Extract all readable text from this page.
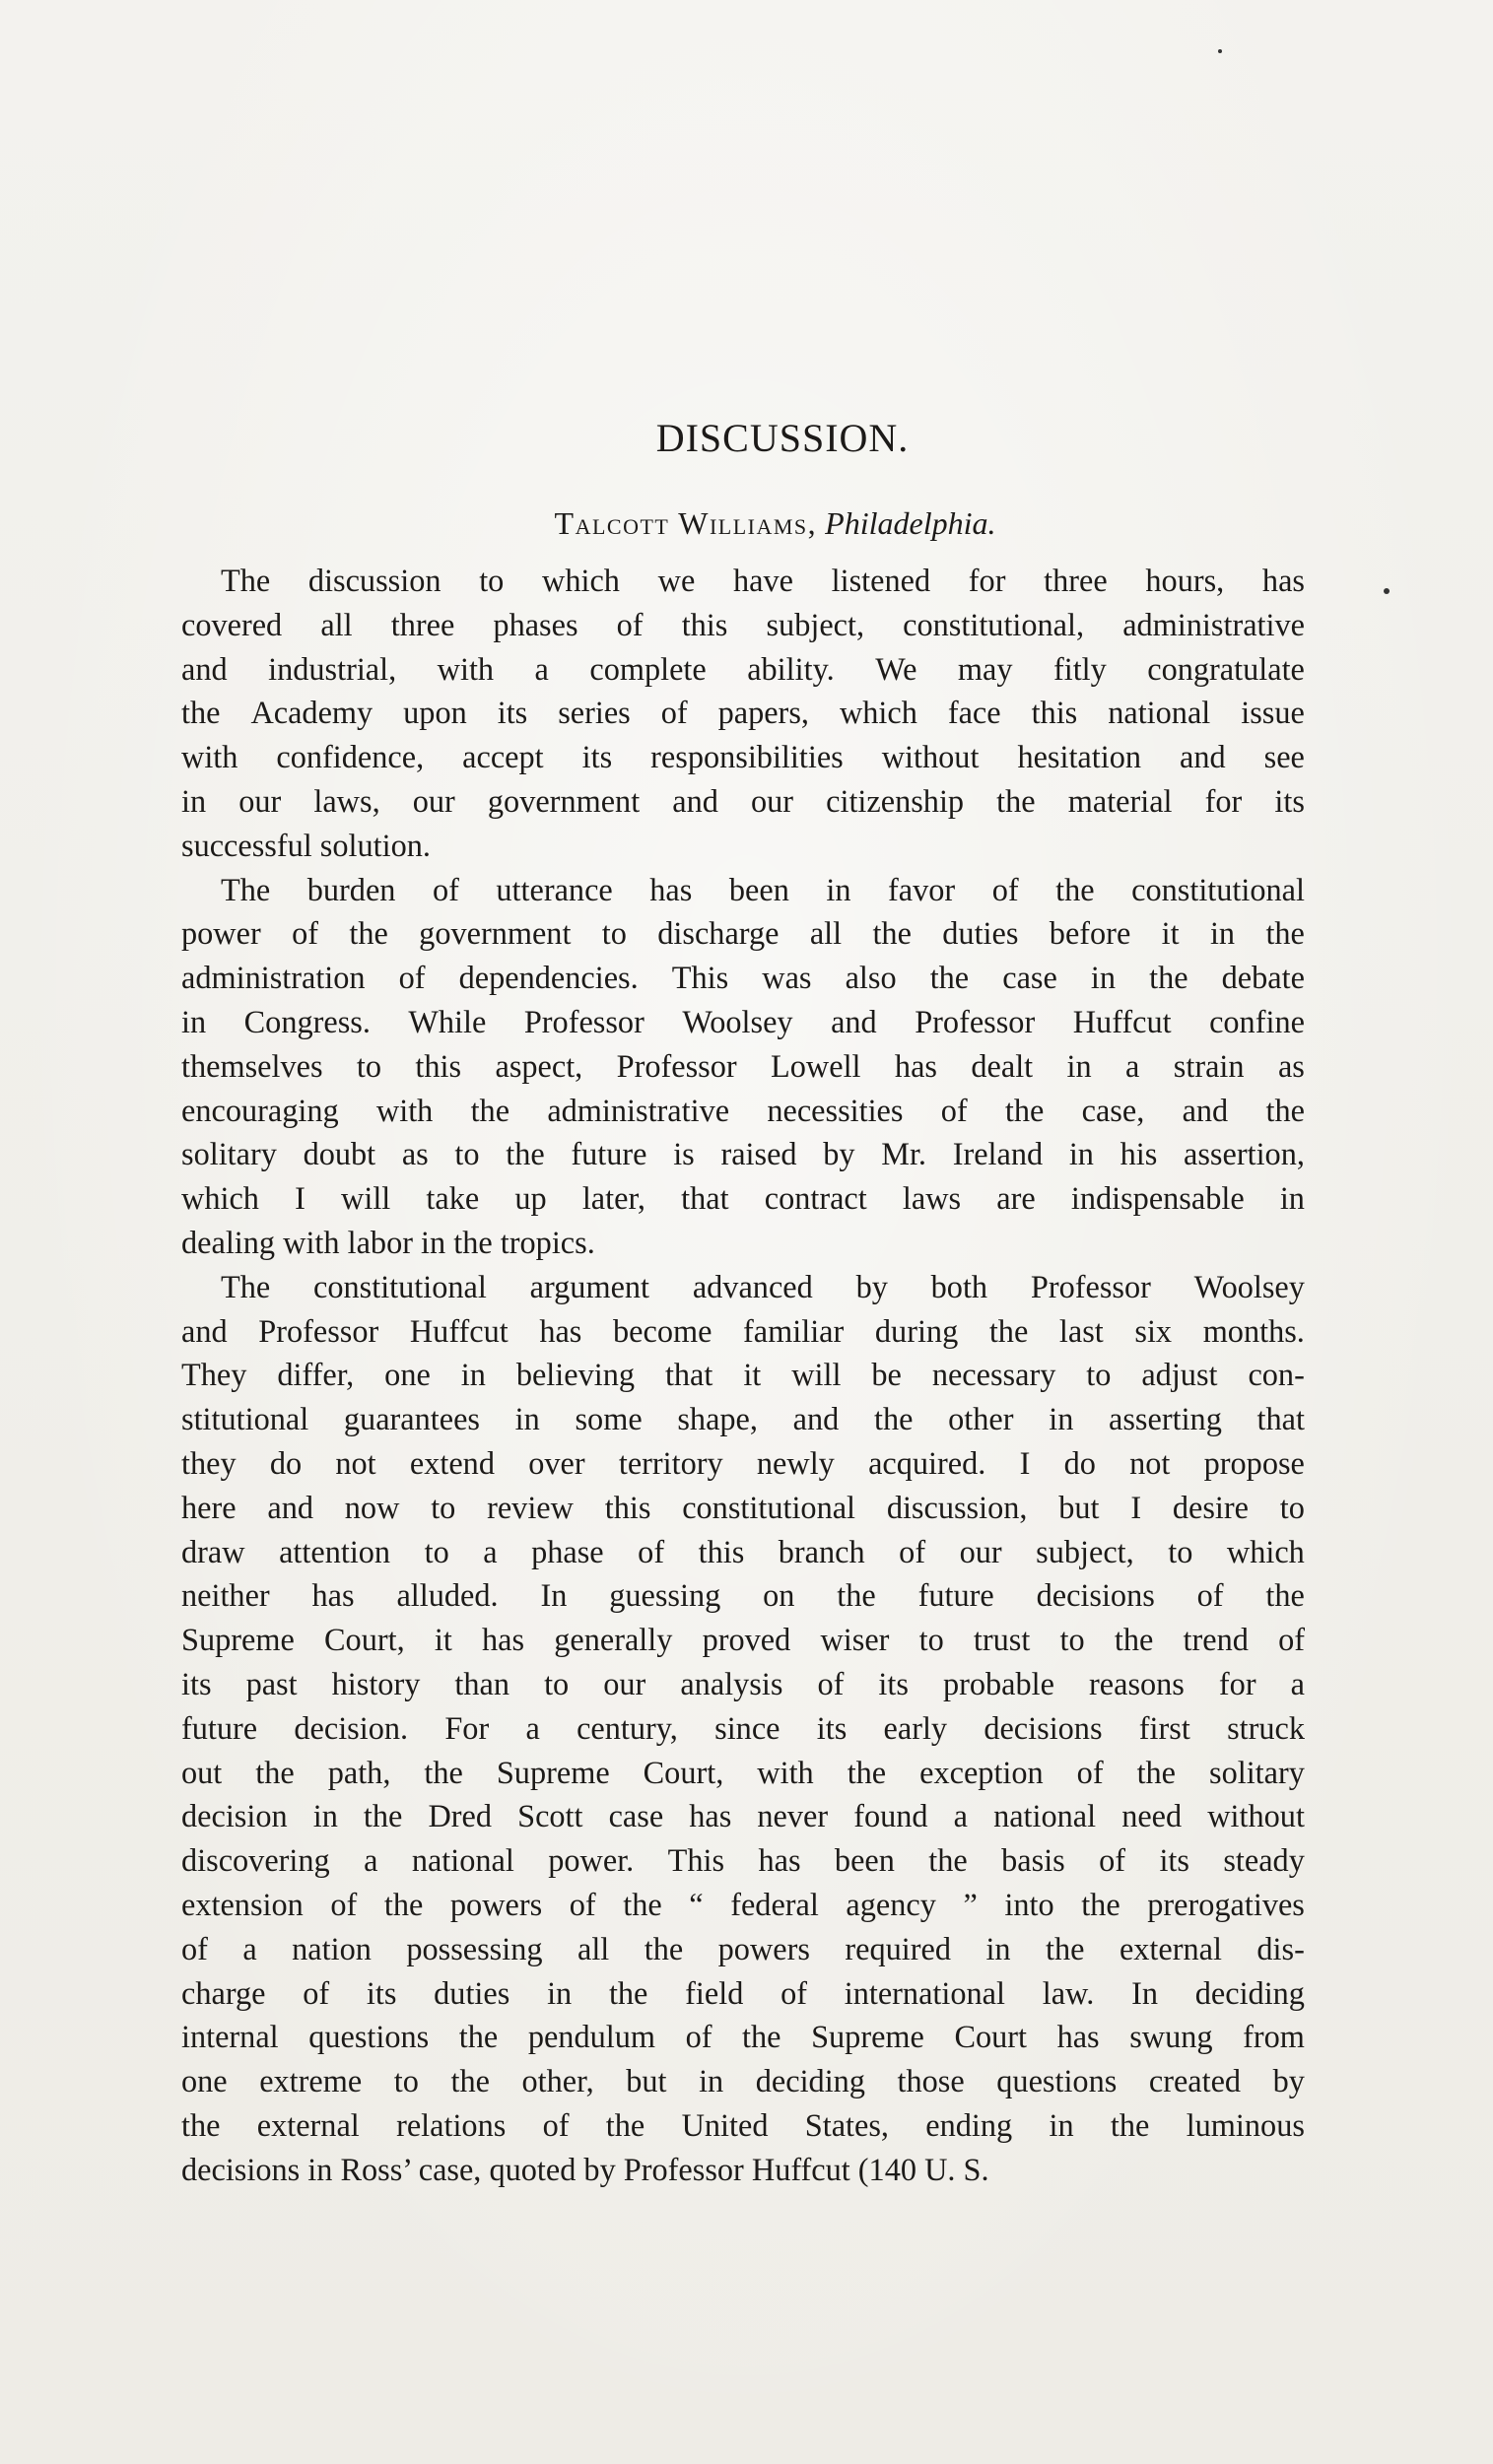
DISCUSSION.
Talcott Williams, Philadelphia.
The discussion to which we have listened for three hours, has
covered all three phases of this subject, constitutional, administrative
and industrial, with a complete ability. We may fitly congratulate
the Academy upon its series of papers, which face this national issue
with confidence, accept its responsibilities without hesitation and see
in our laws, our government and our citizenship the material for its
successful solution.
The burden of utterance has been in favor of the constitutional
power of the government to discharge all the duties before it in the
administration of dependencies. This was also the case in the debate
in Congress. While Professor Woolsey and Professor Huffcut confine
themselves to this aspect, Professor Lowell has dealt in a strain as
encouraging with the administrative necessities of the case, and the
solitary doubt as to the future is raised by Mr. Ireland in his assertion,
which I will take up later, that contract laws are indispensable in
dealing with labor in the tropics.
The constitutional argument advanced by both Professor Woolsey
and Professor Huffcut has become familiar during the last six months.
They differ, one in believing that it will be necessary to adjust con-
stitutional guarantees in some shape, and the other in asserting that
they do not extend over territory newly acquired. I do not propose
here and now to review this constitutional discussion, but I desire to
draw attention to a phase of this branch of our subject, to which
neither has alluded. In guessing on the future decisions of the
Supreme Court, it has generally proved wiser to trust to the trend of
its past history than to our analysis of its probable reasons for a
future decision. For a century, since its early decisions first struck
out the path, the Supreme Court, with the exception of the solitary
decision in the Dred Scott case has never found a national need without
discovering a national power. This has been the basis of its steady
extension of the powers of the “ federal agency ” into the prerogatives
of a nation possessing all the powers required in the external dis-
charge of its duties in the field of international law. In deciding
internal questions the pendulum of the Supreme Court has swung from
one extreme to the other, but in deciding those questions created by
the external relations of the United States, ending in the luminous
decisions in Ross’ case, quoted by Professor Huffcut (140 U. S.
